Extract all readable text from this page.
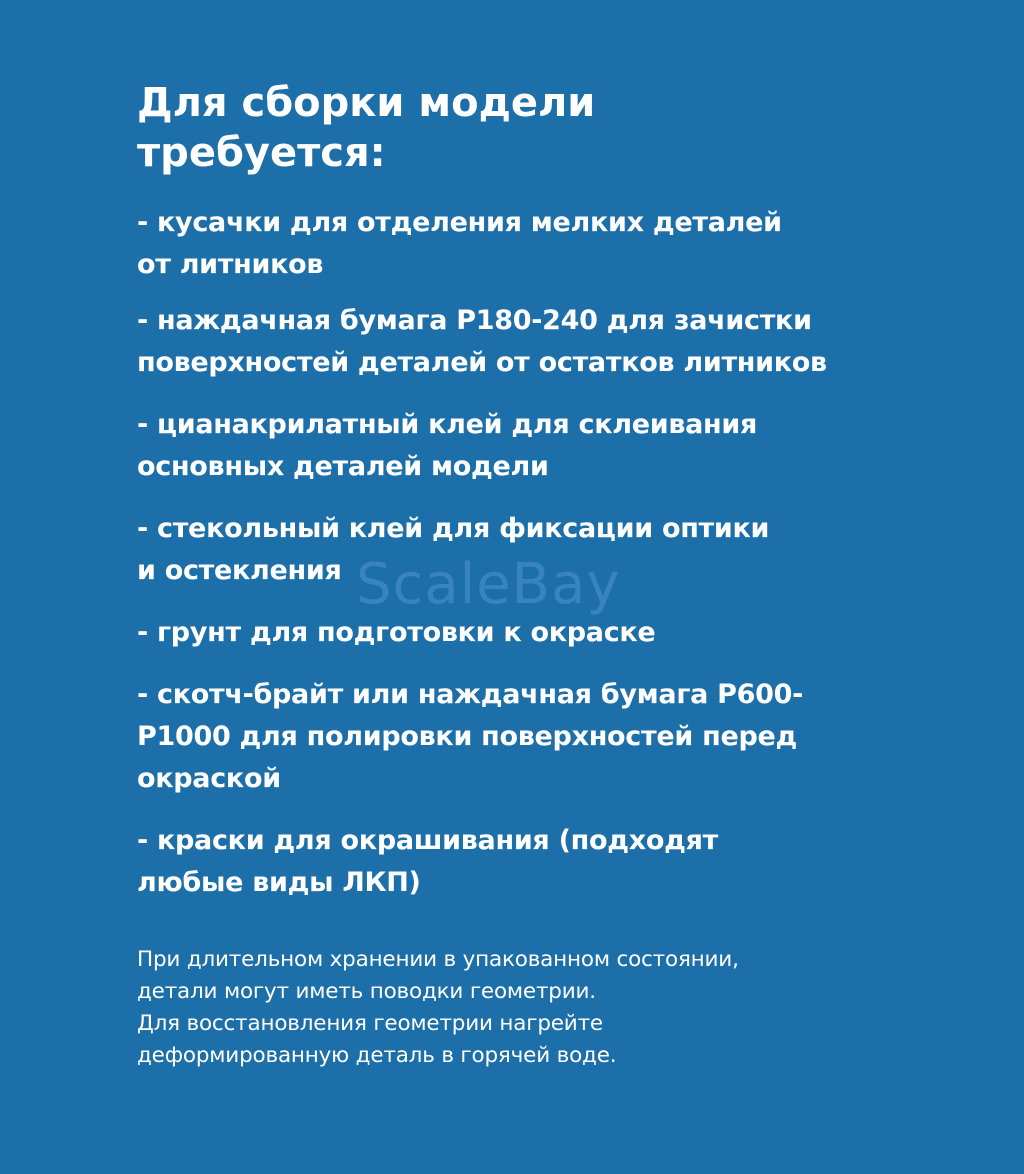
ScaleBay
Для сборки модели
требуется:
- кусачки для отделения мелких деталей
от литников
- наждачная бумага P180-240 для зачистки
поверхностей деталей от остатков литников
- цианакрилатный клей для склеивания
основных деталей модели
- стекольный клей для фиксации оптики
и остекления
- грунт для подготовки к окраске
- скотч-брайт или наждачная бумага P600-
P1000 для полировки поверхностей перед
окраской
- краски для окрашивания (подходят
любые виды ЛКП)
При длительном хранении в упакованном состоянии,
детали могут иметь поводки геометрии.
Для восстановления геометрии нагрейте
деформированную деталь в горячей воде.
